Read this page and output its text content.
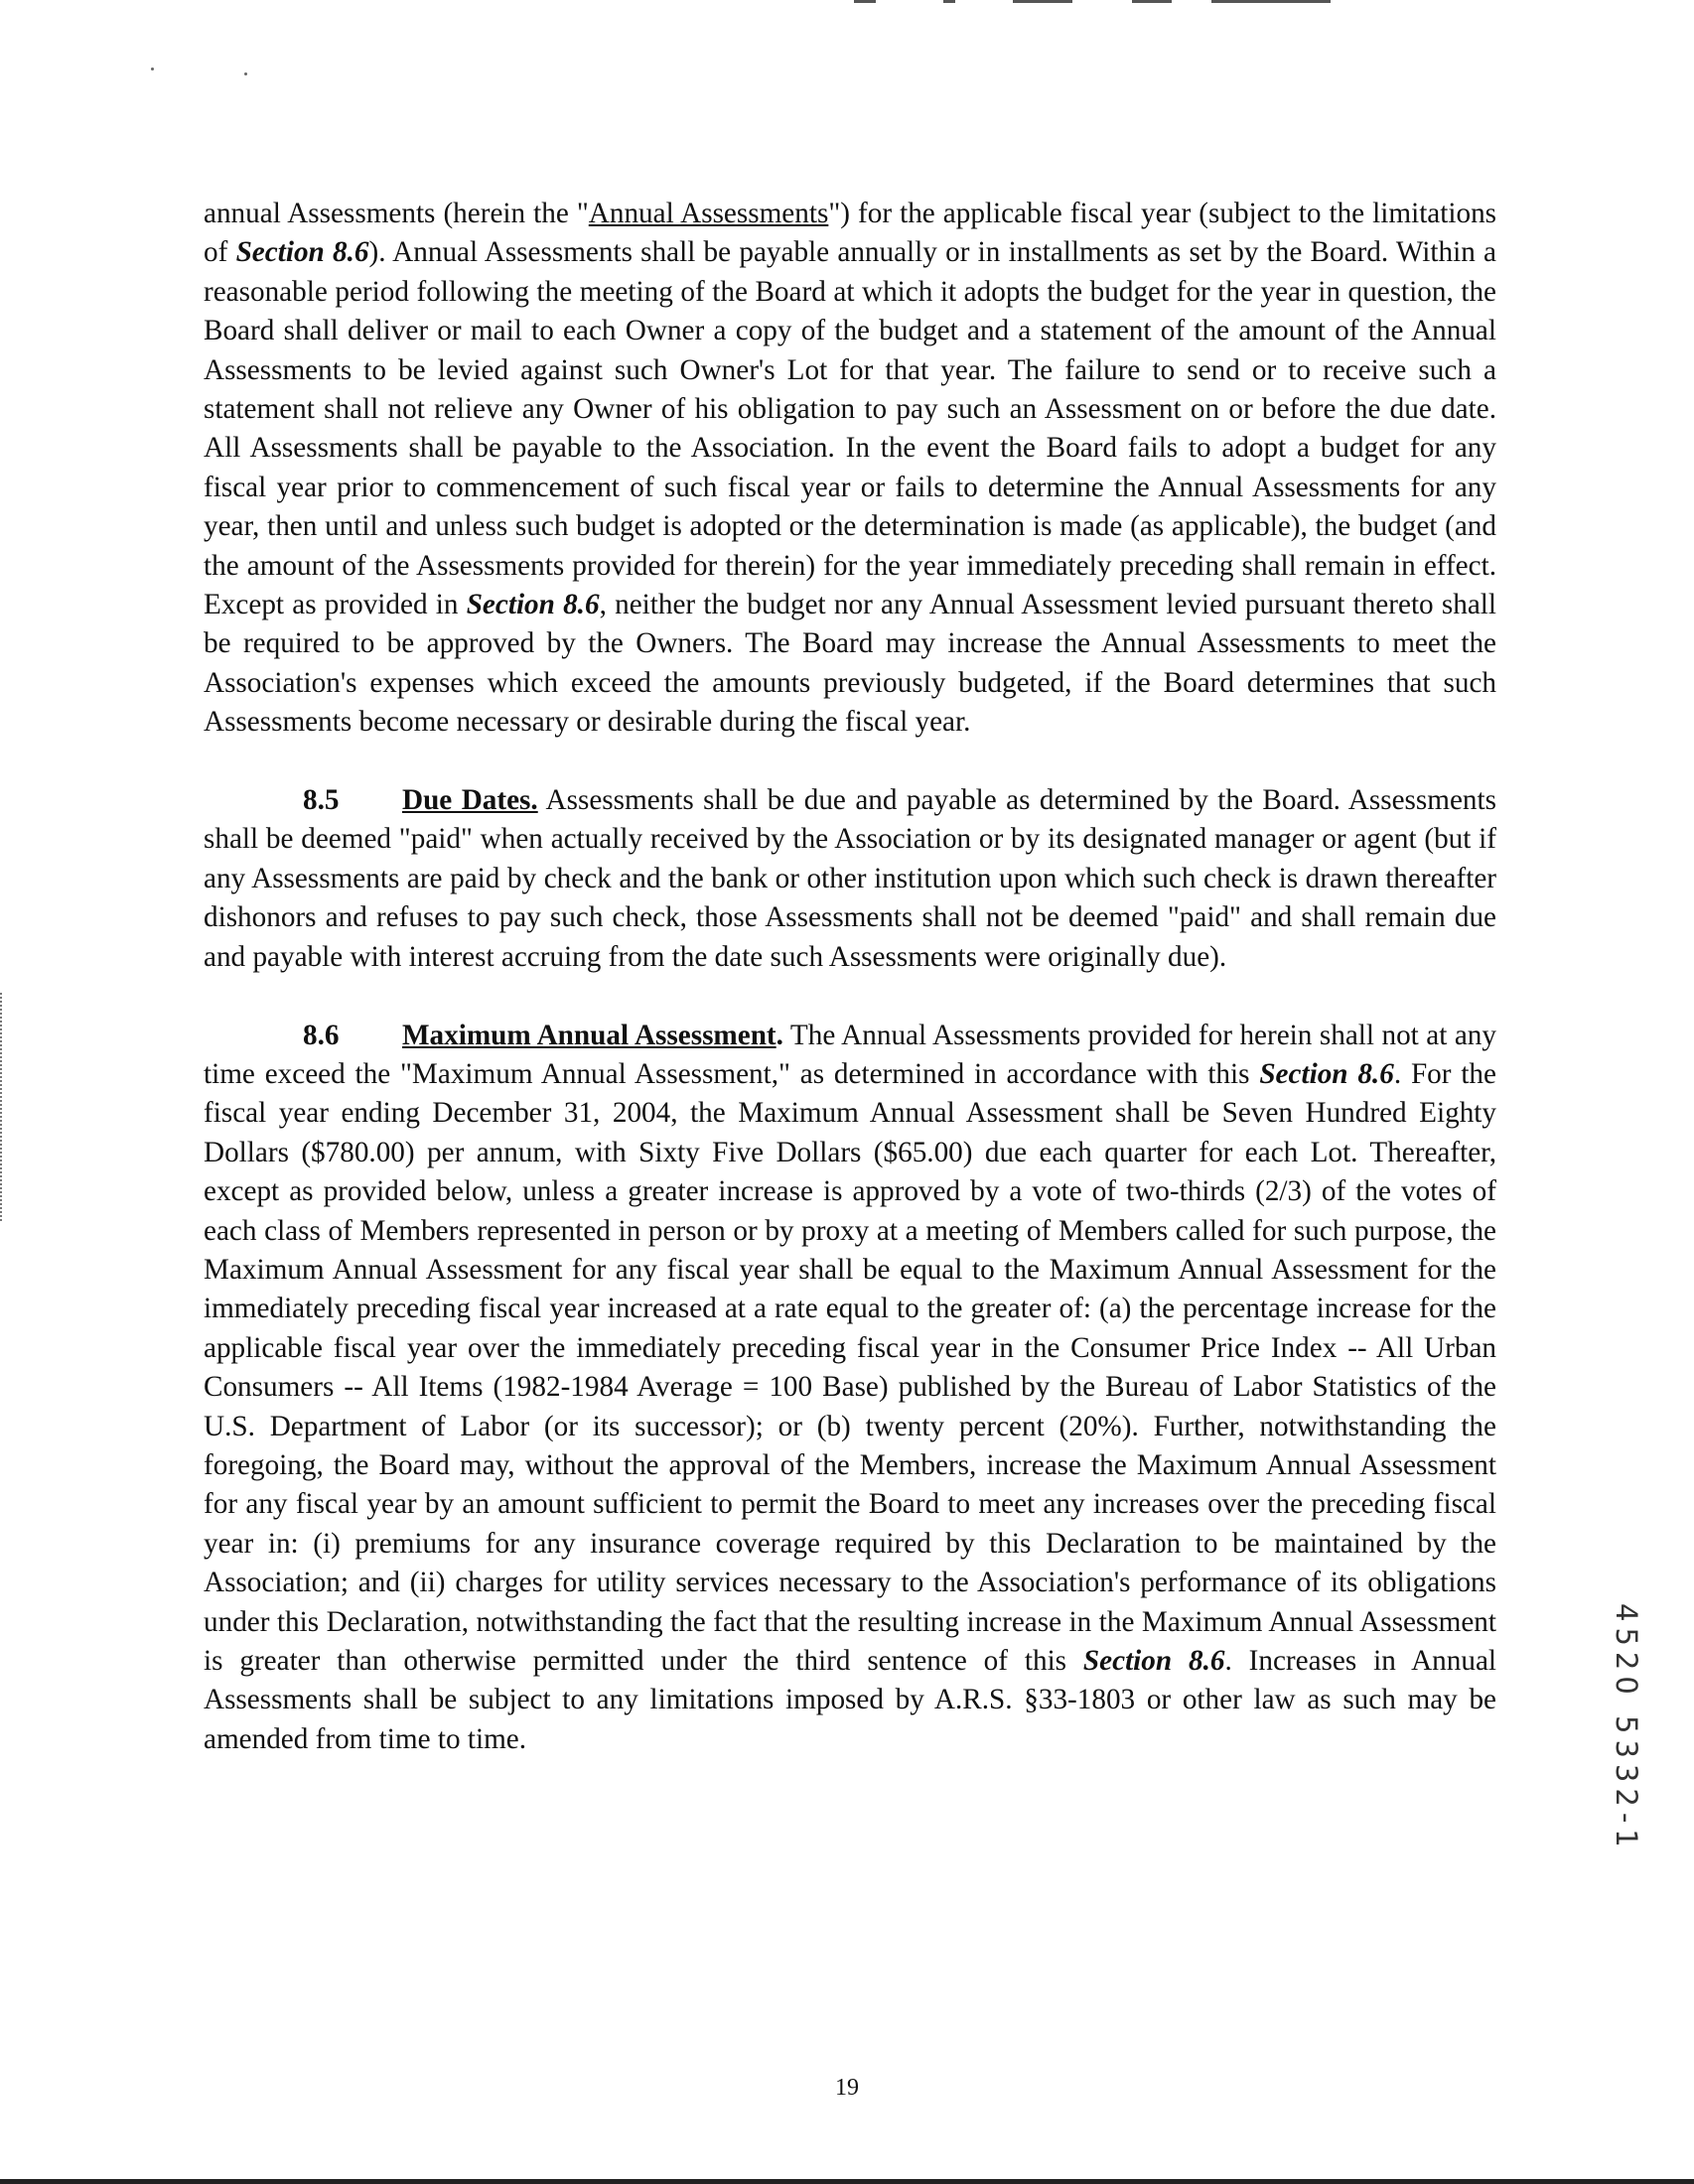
annual Assessments (herein the "Annual Assessments") for the applicable fiscal year (subject to the limitations of Section 8.6). Annual Assessments shall be payable annually or in installments as set by the Board. Within a reasonable period following the meeting of the Board at which it adopts the budget for the year in question, the Board shall deliver or mail to each Owner a copy of the budget and a statement of the amount of the Annual Assessments to be levied against such Owner's Lot for that year. The failure to send or to receive such a statement shall not relieve any Owner of his obligation to pay such an Assessment on or before the due date. All Assessments shall be payable to the Association. In the event the Board fails to adopt a budget for any fiscal year prior to commencement of such fiscal year or fails to determine the Annual Assessments for any year, then until and unless such budget is adopted or the determination is made (as applicable), the budget (and the amount of the Assessments provided for therein) for the year immediately preceding shall remain in effect. Except as provided in Section 8.6, neither the budget nor any Annual Assessment levied pursuant thereto shall be required to be approved by the Owners. The Board may increase the Annual Assessments to meet the Association's expenses which exceed the amounts previously budgeted, if the Board determines that such Assessments become necessary or desirable during the fiscal year.

8.5 Due Dates. Assessments shall be due and payable as determined by the Board. Assessments shall be deemed "paid" when actually received by the Association or by its designated manager or agent (but if any Assessments are paid by check and the bank or other institution upon which such check is drawn thereafter dishonors and refuses to pay such check, those Assessments shall not be deemed "paid" and shall remain due and payable with interest accruing from the date such Assessments were originally due).

8.6 Maximum Annual Assessment. The Annual Assessments provided for herein shall not at any time exceed the "Maximum Annual Assessment," as determined in accordance with this Section 8.6. For the fiscal year ending December 31, 2004, the Maximum Annual Assessment shall be Seven Hundred Eighty Dollars ($780.00) per annum, with Sixty Five Dollars ($65.00) due each quarter for each Lot. Thereafter, except as provided below, unless a greater increase is approved by a vote of two-thirds (2/3) of the votes of each class of Members represented in person or by proxy at a meeting of Members called for such purpose, the Maximum Annual Assessment for any fiscal year shall be equal to the Maximum Annual Assessment for the immediately preceding fiscal year increased at a rate equal to the greater of: (a) the percentage increase for the applicable fiscal year over the immediately preceding fiscal year in the Consumer Price Index -- All Urban Consumers -- All Items (1982-1984 Average = 100 Base) published by the Bureau of Labor Statistics of the U.S. Department of Labor (or its successor); or (b) twenty percent (20%). Further, notwithstanding the foregoing, the Board may, without the approval of the Members, increase the Maximum Annual Assessment for any fiscal year by an amount sufficient to permit the Board to meet any increases over the preceding fiscal year in: (i) premiums for any insurance coverage required by this Declaration to be maintained by the Association; and (ii) charges for utility services necessary to the Association's performance of its obligations under this Declaration, notwithstanding the fact that the resulting increase in the Maximum Annual Assessment is greater than otherwise permitted under the third sentence of this Section 8.6. Increases in Annual Assessments shall be subject to any limitations imposed by A.R.S. §33-1803 or other law as such may be amended from time to time.	4520 5332-1
19
